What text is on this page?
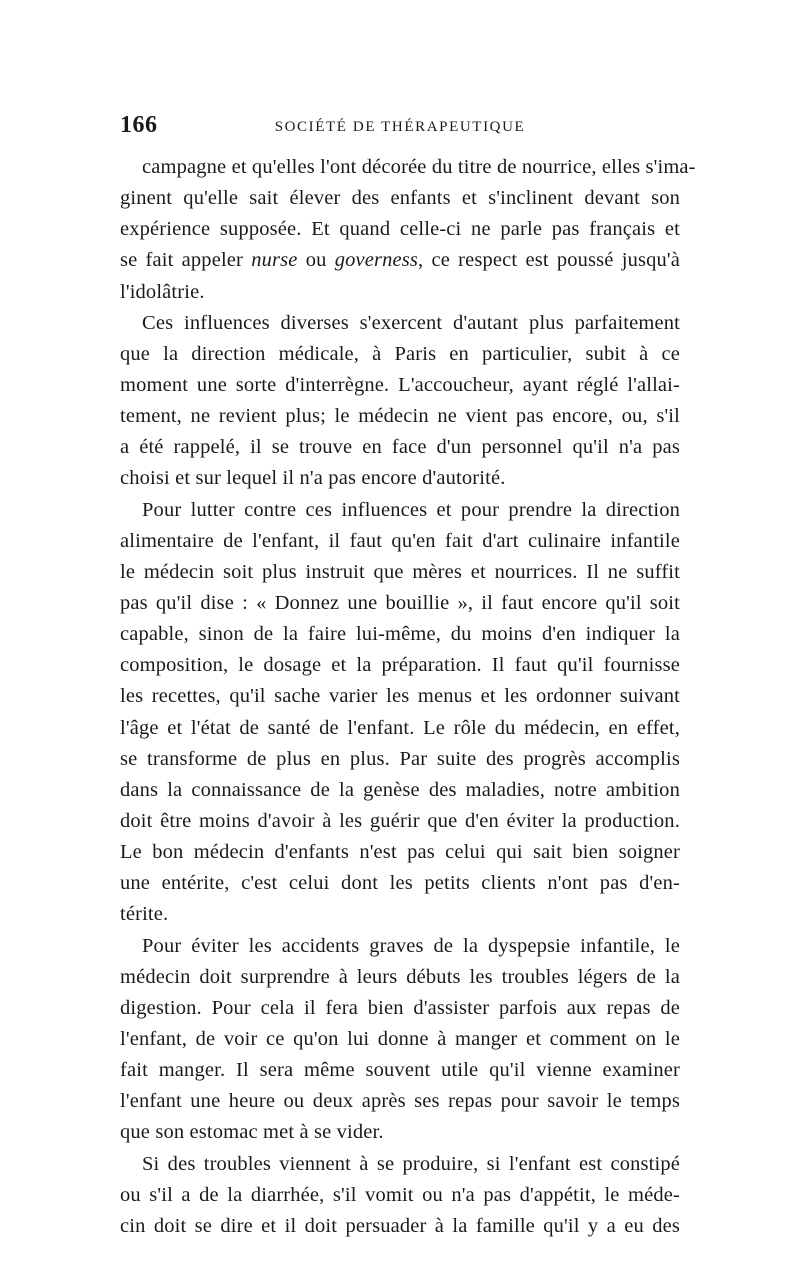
166	SOCIÉTÉ DE THÉRAPEUTIQUE
campagne et qu'elles l'ont décorée du titre de nourrice, elles s'ima-
ginent qu'elle sait élever des enfants et s'inclinent devant son
expérience supposée. Et quand celle-ci ne parle pas français et
se fait appeler nurse ou governess, ce respect est poussé jusqu'à
l'idolâtrie.
Ces influences diverses s'exercent d'autant plus parfaitement
que la direction médicale, à Paris en particulier, subit à ce
moment une sorte d'interrègne. L'accoucheur, ayant réglé l'allai-
tement, ne revient plus; le médecin ne vient pas encore, ou, s'il
a été rappelé, il se trouve en face d'un personnel qu'il n'a pas
choisi et sur lequel il n'a pas encore d'autorité.
Pour lutter contre ces influences et pour prendre la direction
alimentaire de l'enfant, il faut qu'en fait d'art culinaire infantile
le médecin soit plus instruit que mères et nourrices. Il ne suffit
pas qu'il dise : « Donnez une bouillie », il faut encore qu'il soit
capable, sinon de la faire lui-même, du moins d'en indiquer la
composition, le dosage et la préparation. Il faut qu'il fournisse
les recettes, qu'il sache varier les menus et les ordonner suivant
l'âge et l'état de santé de l'enfant. Le rôle du médecin, en effet,
se transforme de plus en plus. Par suite des progrès accomplis
dans la connaissance de la genèse des maladies, notre ambition
doit être moins d'avoir à les guérir que d'en éviter la production.
Le bon médecin d'enfants n'est pas celui qui sait bien soigner
une entérite, c'est celui dont les petits clients n'ont pas d'en-
térite.
Pour éviter les accidents graves de la dyspepsie infantile, le
médecin doit surprendre à leurs débuts les troubles légers de la
digestion. Pour cela il fera bien d'assister parfois aux repas de
l'enfant, de voir ce qu'on lui donne à manger et comment on le
fait manger. Il sera même souvent utile qu'il vienne examiner
l'enfant une heure ou deux après ses repas pour savoir le temps
que son estomac met à se vider.
Si des troubles viennent à se produire, si l'enfant est constipé
ou s'il a de la diarrhée, s'il vomit ou n'a pas d'appétit, le méde-
cin doit se dire et il doit persuader à la famille qu'il y a eu des
